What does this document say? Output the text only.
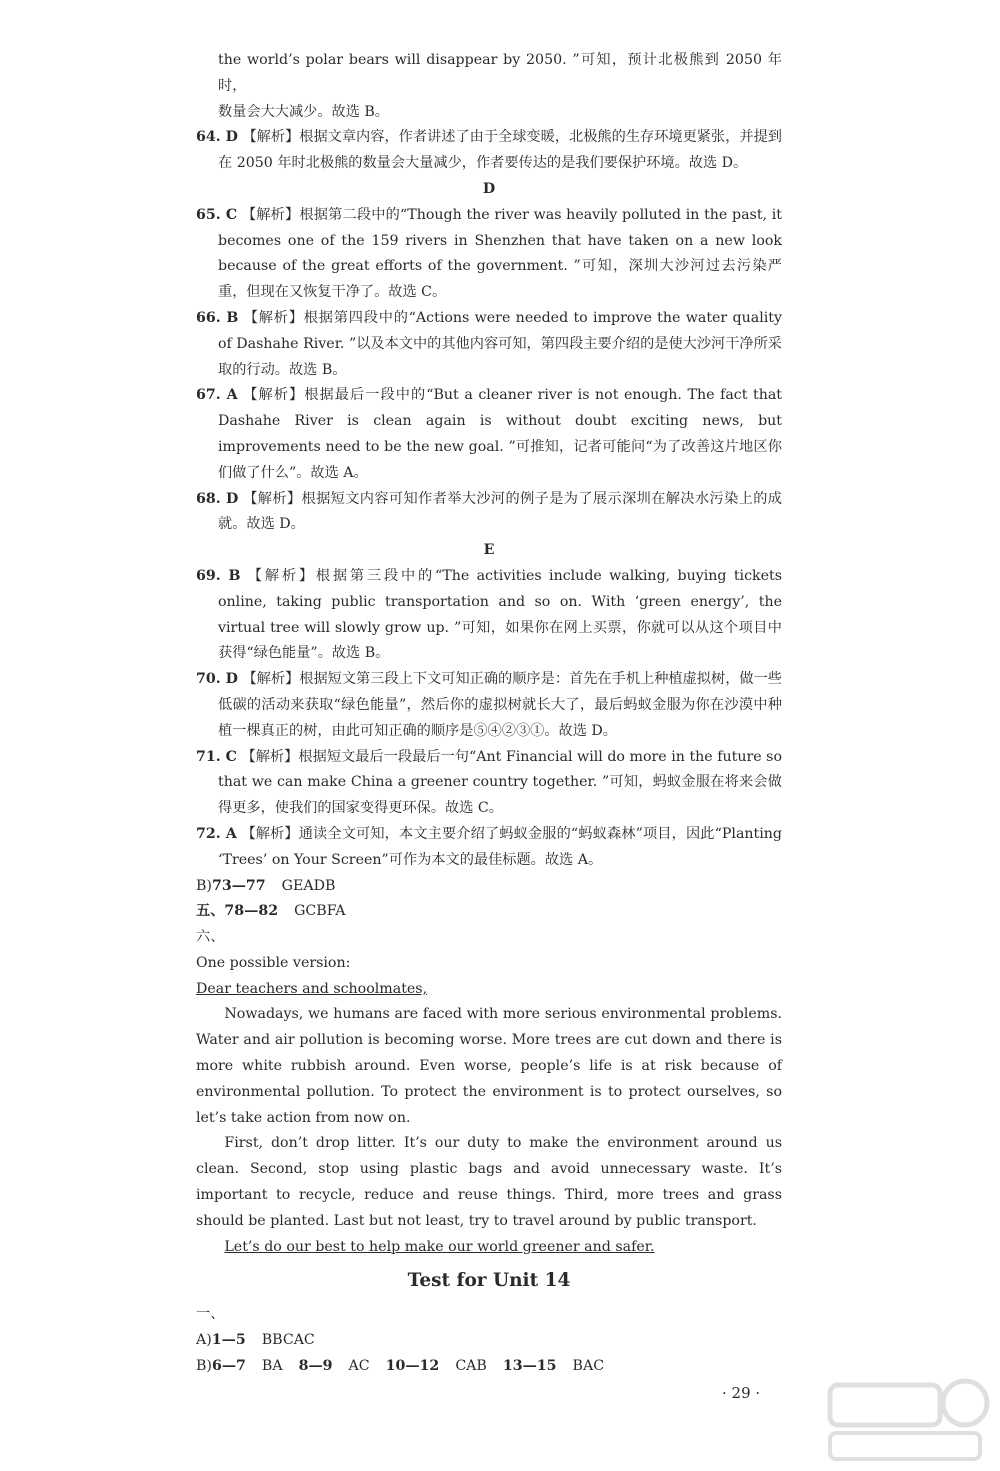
the world’s polar bears will disappear by 2050. ”可知，预计北极熊到 2050 年时，

数量会大大减少。故选 B。

64. D 【解析】根据文章内容，作者讲述了由于全球变暖，北极熊的生存环境更紧张，并提到在 2050 年时北极熊的数量会大量减少，作者要传达的是我们要保护环境。故选 D。

D

65. C 【解析】根据第二段中的“Though the river was heavily polluted in the past, it becomes one of the 159 rivers in Shenzhen that have taken on a new look because of the great efforts of the government. ”可知，深圳大沙河过去污染严重，但现在又恢复干净了。故选 C。

66. B 【解析】根据第四段中的“Actions were needed to improve the water quality of Dashahe River. ”以及本文中的其他内容可知，第四段主要介绍的是使大沙河干净所采取的行动。故选 B。

67. A 【解析】根据最后一段中的“But a cleaner river is not enough. The fact that Dashahe River is clean again is without doubt exciting news, but improvements need to be the new goal. ”可推知，记者可能问“为了改善这片地区你们做了什么”。故选 A。

68. D 【解析】根据短文内容可知作者举大沙河的例子是为了展示深圳在解决水污染上的成就。故选 D。

E

69. B 【解析】根据第三段中的“The activities include walking, buying tickets online, taking public transportation and so on. With ‘green energy’, the virtual tree will slowly grow up. ”可知，如果你在网上买票，你就可以从这个项目中获得“绿色能量”。故选 B。

70. D 【解析】根据短文第三段上下文可知正确的顺序是：首先在手机上种植虚拟树，做一些低碳的活动来获取“绿色能量”，然后你的虚拟树就长大了，最后蚂蚁金服为你在沙漠中种植一棵真正的树，由此可知正确的顺序是⑤④②③①。故选 D。

71. C 【解析】根据短文最后一段最后一句“Ant Financial will do more in the future so that we can make China a greener country together. ”可知，蚂蚁金服在将来会做得更多，使我们的国家变得更环保。故选 C。

72. A 【解析】通读全文可知，本文主要介绍了蚂蚁金服的“蚂蚁森林”项目，因此“Planting ‘Trees’ on Your Screen”可作为本文的最佳标题。故选 A。

B)73—77 GEADB

五、78—82 GCBFA

六、

One possible version:

Dear teachers and schoolmates,

Nowadays, we humans are faced with more serious environmental problems. Water and air pollution is becoming worse. More trees are cut down and there is more white rubbish around. Even worse, people’s life is at risk because of environmental pollution. To protect the environment is to protect ourselves, so let’s take action from now on.

First, don’t drop litter. It’s our duty to make the environment around us clean. Second, stop using plastic bags and avoid unnecessary waste. It’s important to recycle, reduce and reuse things. Third, more trees and grass should be planted. Last but not least, try to travel around by public transport.

Let’s do our best to help make our world greener and safer.

Test for Unit 14

一、

A)1—5 BBCAC

B)6—7 BA 8—9 AC 10—12 CAB 13—15 BAC

· 29 ·
